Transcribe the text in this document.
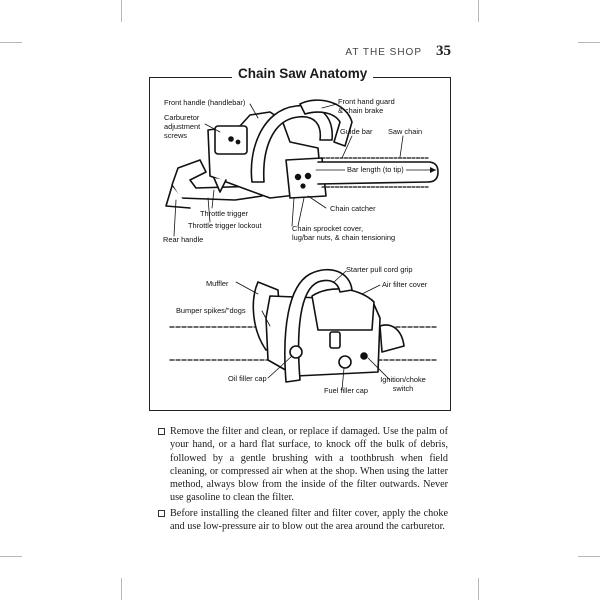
AT THE SHOP 35
Chain Saw Anatomy
Front handle (handlebar)	Front hand guard
& chain brake
Carburetor
adjustment
screws	Guide bar Saw chain
Bar length (to tip)
Chain catcher
Throttle trigger
Throttle trigger lockout
Rear handle
Chain sprocket cover,
lug/bar nuts, & chain tensioning
Starter pull cord grip
Muffler	Air filter cover
Bumper spikes/"dogs
Oil filler cap	Ignition/choke
switch
Fuel filler cap
Remove the filter and clean, or replace if damaged. Use the palm of your hand, or a hard flat surface, to knock off the bulk of debris, followed by a gentle brushing with a toothbrush when field cleaning, or compressed air when at the shop. When using the latter method, always blow from the inside of the filter outwards. Never use gasoline to clean the filter.
Before installing the cleaned filter and filter cover, apply the choke and use low-pressure air to blow out the area around the carburetor.
